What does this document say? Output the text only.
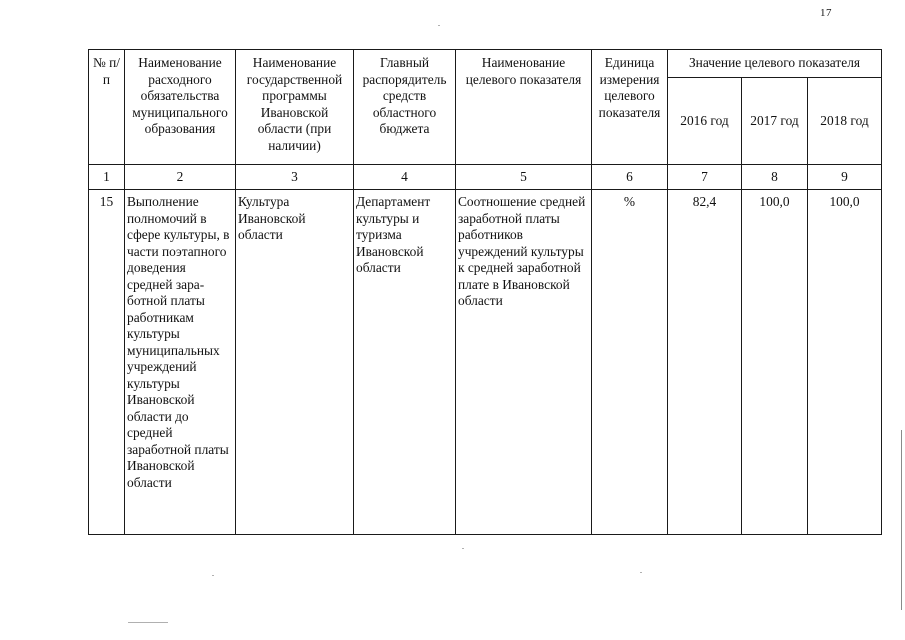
17
№ п/п	Наименование расходного обязательства муниципального образования	Наименование государственной программы Ивановской области (при наличии)	Главный распорядитель средств областного бюджета	Наименование целевого показателя	Единица измерения целевого показателя	Значение целевого показателя		
						2016 год	2017 год	2018 год
1	2	3	4	5	6	7	8	9
15	Выполнение полномочий в сфере культуры, в части поэтапного доведения средней зара-ботной платы работникам культуры муниципальных учреждений культуры Ивановской области до средней заработной платы Ивановской области	Культура Ивановской области	Департамент культуры и туризма Ивановской области	Соотношение средней заработной платы работников учреждений культуры к средней заработной плате в Ивановской области	%	82,4	100,0	100,0
